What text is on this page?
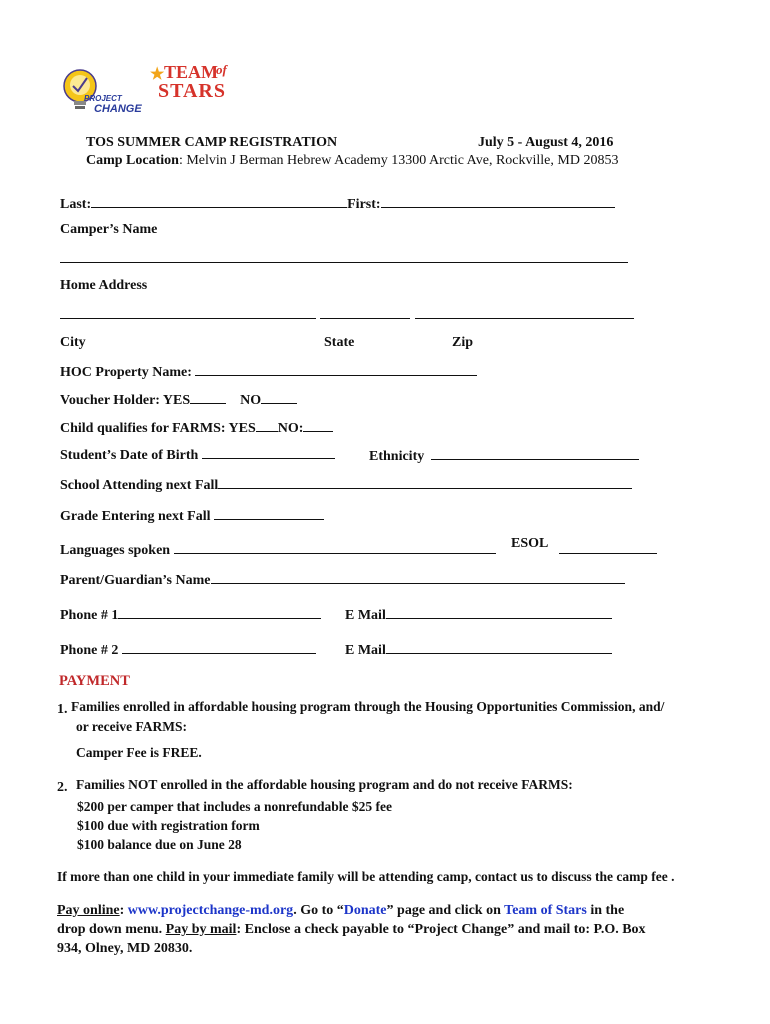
PROJECT
CHANGE
★ TEAM
of
STARS
TOS SUMMER CAMP REGISTRATION	July 5 - August 4, 2016
Camp Location: Melvin J Berman Hebrew Academy 13300 Arctic Ave, Rockville, MD 20853
Last:	First:
Camper’s Name
Home Address
City	State	Zip
HOC Property Name:
Voucher Holder: YES	NO
Child qualifies for FARMS: YES NO:
Student’s Date of Birth	Ethnicity
School Attending next Fall
Grade Entering next Fall
Languages spoken	ESOL
Parent/Guardian’s Name
Phone # 1	E Mail
Phone # 2	E Mail
PAYMENT
1. Families enrolled in affordable housing program through the Housing Opportunities Commission, and/
or receive FARMS:
Camper Fee is FREE.
2. Families NOT enrolled in the affordable housing program and do not receive FARMS:
$200 per camper that includes a nonrefundable $25 fee
$100 due with registration form
$100 balance due on June 28
If more than one child in your immediate family will be attending camp, contact us to discuss the camp fee .
Pay online: www.projectchange-md.org. Go to “Donate” page and click on Team of Stars in the
drop down menu. Pay by mail: Enclose a check payable to “Project Change” and mail to: P.O. Box
934, Olney, MD 20830.
